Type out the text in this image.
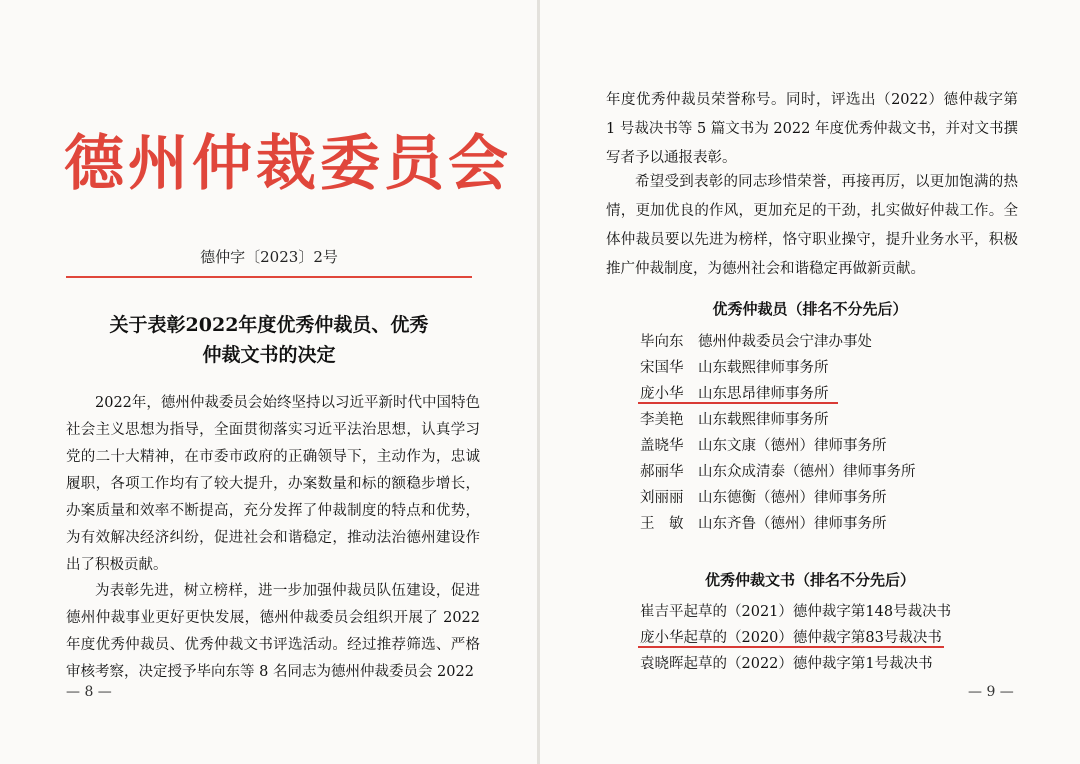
德州仲裁委员会
德仲字〔2023〕2号
关于表彰2022年度优秀仲裁员、优秀
仲裁文书的决定
2022年，德州仲裁委员会始终坚持以习近平新时代中国特色社会主义思想为指导，全面贯彻落实习近平法治思想，认真学习党的二十大精神，在市委市政府的正确领导下，主动作为，忠诚履职，各项工作均有了较大提升，办案数量和标的额稳步增长，办案质量和效率不断提高，充分发挥了仲裁制度的特点和优势，为有效解决经济纠纷，促进社会和谐稳定，推动法治德州建设作出了积极贡献。
为表彰先进，树立榜样，进一步加强仲裁员队伍建设，促进德州仲裁事业更好更快发展，德州仲裁委员会组织开展了 2022年度优秀仲裁员、优秀仲裁文书评选活动。经过推荐筛选、严格审核考察，决定授予毕向东等 8 名同志为德州仲裁委员会 2022
— 8 —
年度优秀仲裁员荣誉称号。同时，评选出（2022）德仲裁字第 1 号裁决书等 5 篇文书为 2022 年度优秀仲裁文书，并对文书撰写者予以通报表彰。
希望受到表彰的同志珍惜荣誉，再接再厉，以更加饱满的热情，更加优良的作风，更加充足的干劲，扎实做好仲裁工作。全体仲裁员要以先进为榜样，恪守职业操守，提升业务水平，积极推广仲裁制度，为德州社会和谐稳定再做新贡献。
优秀仲裁员（排名不分先后）
毕向东 德州仲裁委员会宁津办事处
宋国华 山东载熙律师事务所
庞小华 山东思昂律师事务所
李美艳 山东载熙律师事务所
盖晓华 山东文康（德州）律师事务所
郝丽华 山东众成清泰（德州）律师事务所
刘丽丽 山东德衡（德州）律师事务所
王　敏 山东齐鲁（德州）律师事务所
优秀仲裁文书（排名不分先后）
崔吉平起草的（2021）德仲裁字第148号裁决书
庞小华起草的（2020）德仲裁字第83号裁决书
袁晓晖起草的（2022）德仲裁字第1号裁决书
— 9 —
